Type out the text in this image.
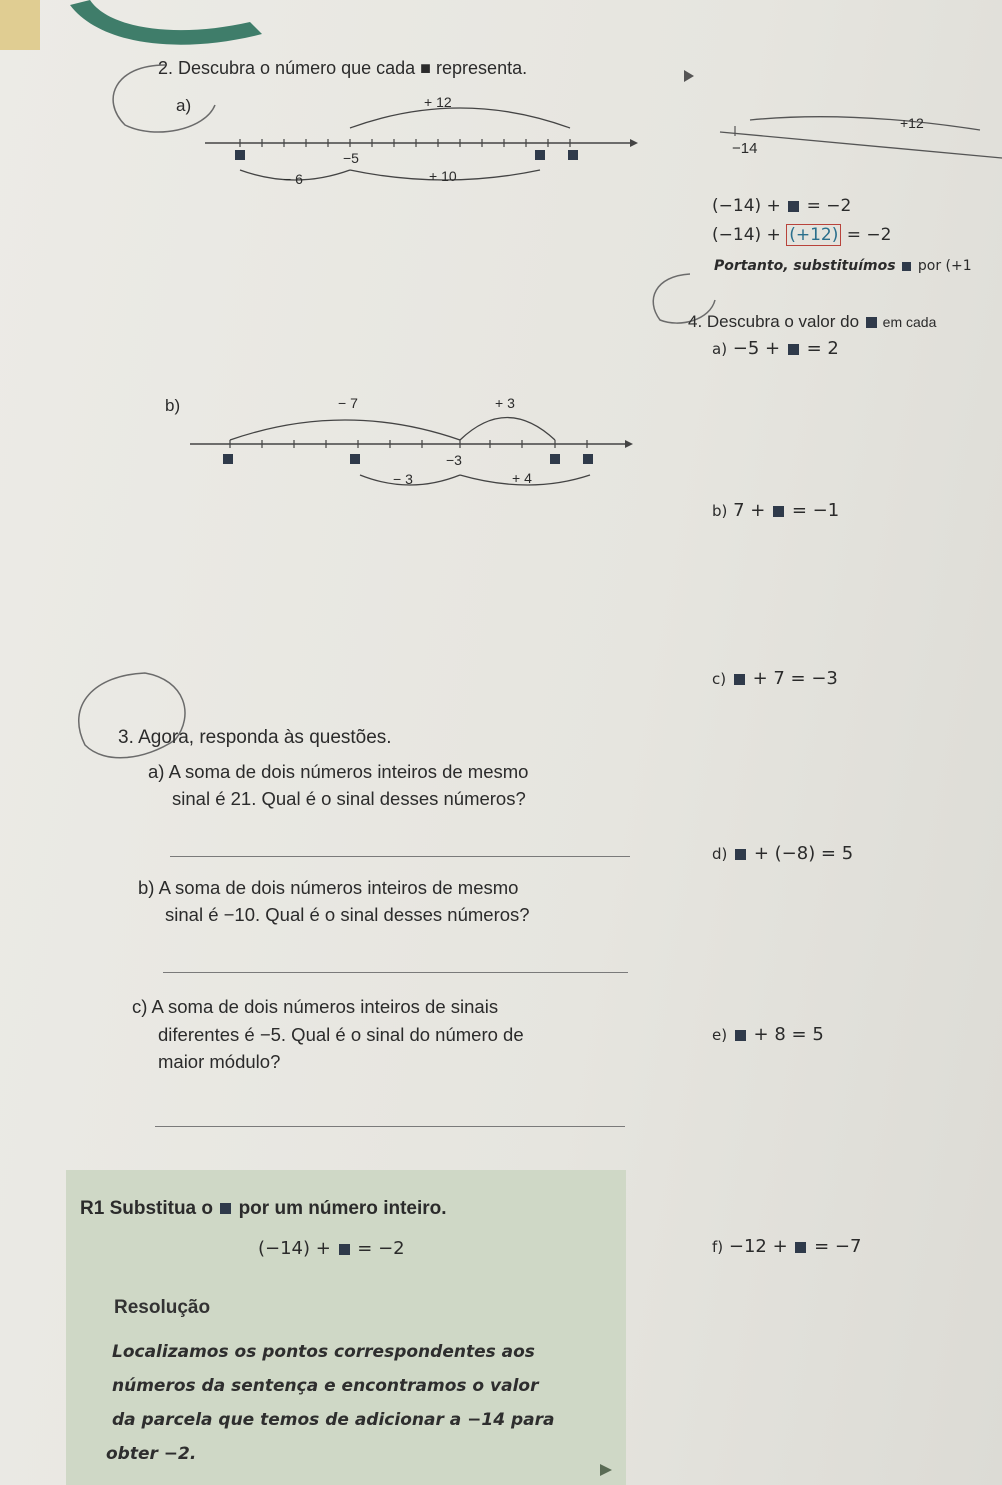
2. Descubra o número que cada ■ representa.
a)	+ 12
−5
− 6	+ 10
b)	− 7	+ 3
−3
− 3	+ 4
+12
−14
(−14) +  = −2
(−14) + (+12) = −2
Portanto, substituímos  por (+1
4. Descubra o valor do  em cada
a) −5 +  = 2
b) 7 +  = −1
c)  + 7 = −3
d)  + (−8) = 5
e)  + 8 = 5
f) −12 +  = −7
3. Agora, responda às questões.
a) A soma de dois números inteiros de mesmo
sinal é 21. Qual é o sinal desses números?
b) A soma de dois números inteiros de mesmo
sinal é −10. Qual é o sinal desses números?
c) A soma de dois números inteiros de sinais
diferentes é −5. Qual é o sinal do número de
maior módulo?
R1 Substitua o  por um número inteiro.
(−14) +  = −2
Resolução
Localizamos os pontos correspondentes aos
números da sentença e encontramos o valor
da parcela que temos de adicionar a −14 para
obter −2.
